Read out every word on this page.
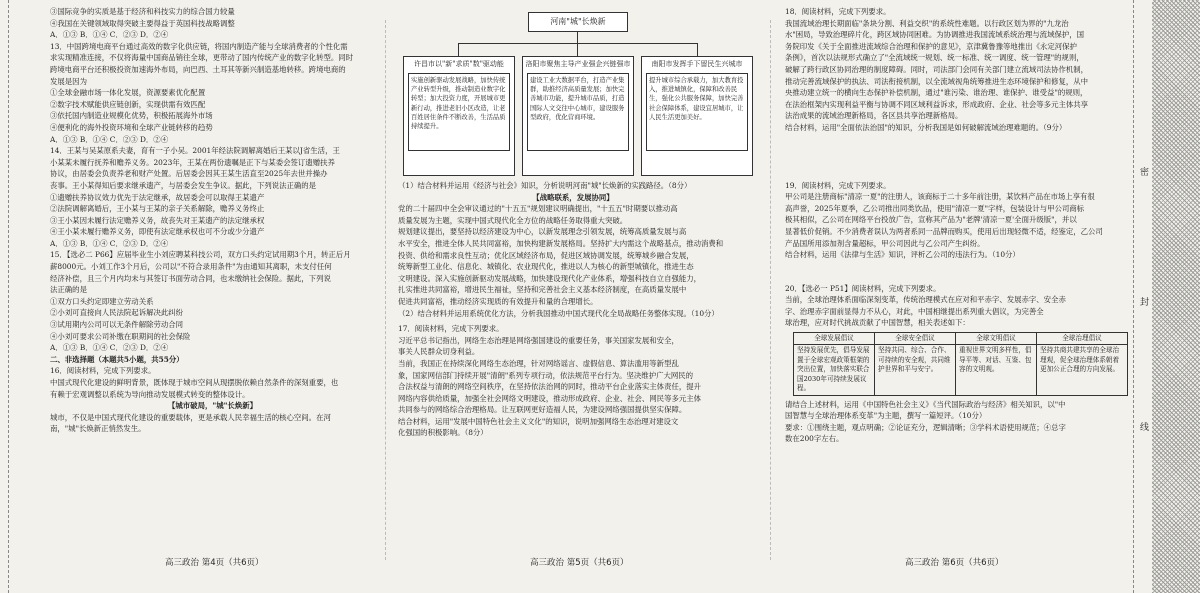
密
封
线

③国际竞争的实质是基于经济和科技实力的综合国力较量

④我国在关键领域取得突破主要得益于英国科技战略调整

A．①③ B．①④ C．②③ D．②④

13．中国跨境电商平台通过高效的数字化供应链，将国内制造产能与全球消费者的个性化需

求实现精准连接，不仅将海量中国商品销往全球，更带动了国内传统产业的数字化转型。同时

跨境电商平台还积极投资加速海外布局，向巴西、土耳其等新兴制造基地转移。跨境电商的

发展是因为

①全球金融市场一体化发展，资源要素优化配置

②数字技术赋能供应链创新，实现供需有效匹配

③依托国内制造业规模化优势，积极拓展海外市场

④便利化的海外投资环境和全球产业链转移的趋势

A．①③ B．①④ C．②③ D．②④

14．王某与吴某原系夫妻，育有一子小吴。2001年经法院调解离婚后王某以J省生活，王

小某某未履行抚养和赡养义务。2023年，王某在两份遗嘱是正下与某委会签订遗赠扶养

协议，由居委会负责养老和财产处置。后居委会因其王某生活直至2025年去世并操办

丧事。王小某得知后要求继承遗产，与居委会发生争议。据此，下列说法正确的是

①遗赠扶养协议效力优先于法定继承，故居委会可以取得王某遗产

②法院调解离婚后，王小某与王某的亲子关系解除，赡养义务终止

③王小某因未履行法定赡养义务，故丧失对王某遗产的法定继承权

④王小某未履行赡养义务，即使有法定继承权也可不分或少分遗产

A．①③ B．①④ C．②③ D．②④

15．【选必二 P66】应届毕业生小刘应聘某科技公司，双方口头约定试用期3个月，转正后月

薪8000元。小刘工作3个月后，公司以"不符合录用条件"为由通知其离职，未支付任何

经济补偿，且三个月内均未与其签订书面劳动合同，也未缴纳社会保险。据此，下列说

法正确的是

①双方口头约定即建立劳动关系

②小刘可直接向人民法院起诉解决此纠纷

③试用期内公司可以无条件解除劳动合同

④小刘可要求公司补缴在职期间的社会保险

A．①③ B．①④ C．②③ D．②④

二、非选择题（本题共5小题，共55分）

16．阅读材料，完成下列要求。

中国式现代化建设的鲜明背景，既体现于城市空间从现摆脱依赖自然条件的深刻重要，也

有赖于宏观调整以系统为导向推动发展模式转变的整体设计。

【城市破局，"城"长焕新】

城市，不仅是中国式现代化建设的重要载体，更是承载人民幸福生活的核心空间。在河

南，"城"长焕新正悄然发生。

河南"城"长焕新
许昌市以"新"求质"数"驱动能
实施创新驱动发展战略，加快传统产业转型升级，推动制造业数字化转型；加大投资力度，开展城市更新行动，推进老旧小区改造，让老百姓居住条件不断改善，生活品质持续提升。
洛阳市聚焦主导产业强企兴链强市
建设工业大数据平台，打造产业集群，助推经济高质量发展；加快完善城市功能，提升城市品质，打造国际人文交往中心城市，建设服务型政府，优化营商环境。
南阳市发挥手下留民生兴城市
提升城市综合承载力，加大教育投入，推进城镇化，保障和改善民生，强化公共服务保障，加快完善社会保障体系，建设宜居城市，让人民生活更加美好。

（1）结合材料并运用《经济与社会》知识，分析说明河南"城"长焕新的实践路径。（8分）

【战略联系，发展协同】

党的二十届四中全会审议通过的"十五五"规划建议明确提出，"十五五"时期要以推动高

质量发展为主题，实现中国式现代化全方位的战略任务取得重大突破。

规划建议提出，要坚持以经济建设为中心，以新发展理念引领发展，统筹高质量发展与高

水平安全，推进全体人民共同富裕，加快构建新发展格局。坚持扩大内需这个战略基点，推动消费和

投资、供给和需求良性互动；优化区域经济布局，促进区域协调发展，统筹城乡融合发展，

统筹新型工业化、信息化、城镇化、农业现代化，推进以人为核心的新型城镇化，推进生态

文明建设。深入实施创新驱动发展战略，加快建设现代化产业体系，增强科技自立自强能力，

扎实推进共同富裕，增进民生福祉，坚持和完善社会主义基本经济制度，在高质量发展中

促进共同富裕，推动经济实现质的有效提升和量的合理增长。

（2）结合材料并运用系统优化方法，分析我国推动中国式现代化全局战略任务整体实现。（10分）

17．阅读材料，完成下列要求。

习近平总书记指出，网络生态治理是网络强国建设的重要任务，事关国家发展和安全，

事关人民群众切身利益。

当前，我国正在持续深化网络生态治理，针对网络谣言、虚假信息、算法滥用等新型乱

象，国家网信部门持续开展"清朗"系列专项行动，依法规范平台行为。坚决维护广大网民的

合法权益与清朗的网络空间秩序，在坚持依法治网的同时，推动平台企业落实主体责任，提升

网络内容供给质量，加强全社会网络文明建设，推动形成政府、企业、社会、网民等多元主体

共同参与的网络综合治理格局。让互联网更好造福人民，为建设网络强国提供坚实保障。

结合材料，运用"发展中国特色社会主义文化"的知识，说明加强网络生态治理对建设文

化强国的积极影响。（8分）

18．阅读材料，完成下列要求。

我国流域治理长期面临"条块分割、利益交织"的系统性难题。以行政区划为界的"九龙治

水"困局，导致治理碎片化，跨区域协同困难。为协调推进我国流域系统治理与流域保护，国

务院印发《关于全面推进流域综合治理和保护的意见》，京津冀鲁豫等地推出《永定河保护

条例》，首次以法规形式确立了"全流域统一规划、统一标准、统一调度、统一管理"的规则，

破解了跨行政区协同治理的制度障碍。同时，司法部门会同有关部门建立流域司法协作机制，

推动完善流域保护的执法、司法衔接机制，以全流域视角统筹推进生态环境保护和修复，从中

央推动建立统一的横向生态保护补偿机制，通过"谁污染、谁治理、谁保护、谁受益"的规则，

在法治框架内实现利益平衡与协调不同区域利益诉求，形成政府、企业、社会等多元主体共享

法治成果的流域治理新格局，各区县共享治理新格局。

结合材料，运用"全面依法治国"的知识，分析我国是如何破解流域治理难题的。（9分）

19．阅读材料，完成下列要求。

甲公司是注册商标"清凉一夏"的注册人，该商标于二十多年前注册，某饮料产品在市场上享有很

高声誉，2025年夏季，乙公司推出同类饮品，使用"清凉一夏"字样，包装设计与甲公司商标

极其相似，乙公司在网络平台投放广告，宣称其产品为"老牌'清凉一夏'全面升级版"，并以

显著低价促销。不少消费者误认为两者系同一品牌而购买，使用后出现轻微不适，经鉴定，乙公司

产品国所用添加剂含量超标，甲公司因此与乙公司产生纠纷。

结合材料，运用《法律与生活》知识，评析乙公司的违法行为。（10分）

20．【选必一 P51】阅读材料，完成下列要求。

当前，全球治理体系面临深刻变革，传统治理模式在应对和平赤字、发展赤字、安全赤

字、治理赤字面前显得力不从心，对此，中国相继提出系列重大倡议，为完善全

球治理，应对时代挑战贡献了中国智慧，相关表述如下：

全球发展倡议	全球安全倡议	全球文明倡议	全球治理倡议
坚持发展优先，倡导发展置于全球宏观政策框架的突出位置，加快落实联合国2030年可持续发展议程。	坚持共同、综合、合作、可持续的安全观，共同维护世界和平与安宁。	重视世界文明多样性，倡导平等、对话、互鉴、包容的文明观。	坚持共商共建共享的全球治理观，促全球治理体系朝着更加公正合理的方向发展。

请结合上述材料，运用《中国特色社会主义》《当代国际政治与经济》相关知识，以"中

国智慧与全球治理体系变革"为主题，撰写一篇短评。（10分）

要求：①围绕主题，观点明确；②论证充分，逻辑清晰；③学科术语使用规范；④总字

数在200字左右。

高三政治 第4页（共6页）	高三政治 第5页（共6页）	高三政治 第6页（共6页）
